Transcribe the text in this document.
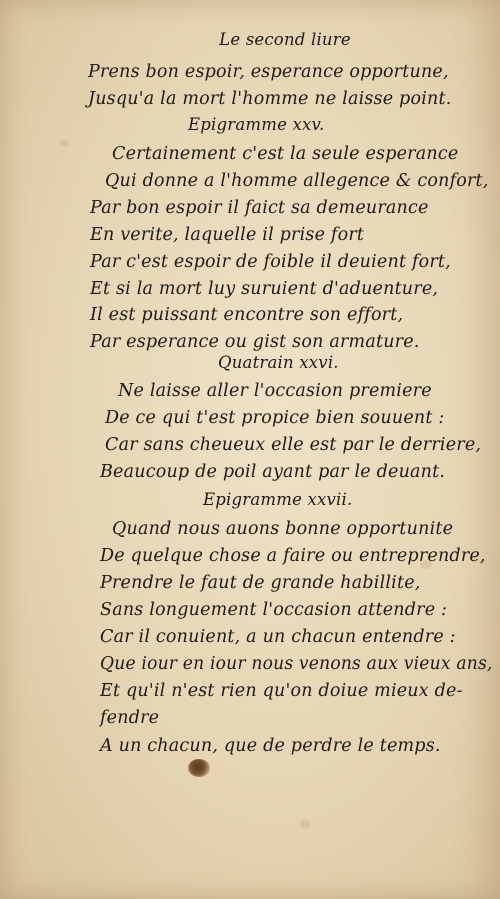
Le second liure
Prens bon espoir, esperance opportune,
Jusqu'a la mort l'homme ne laisse point.
Epigramme xxv.
Certainement c'est la seule esperance
Qui donne a l'homme allegence & confort,
Par bon espoir il faict sa demeurance
En verite, laquelle il prise fort
Par c'est espoir de foible il deuient fort,
Et si la mort luy suruient d'aduenture,
Il est puissant encontre son effort,
Par esperance ou gist son armature.
Quatrain xxvi.
Ne laisse aller l'occasion premiere
De ce qui t'est propice bien souuent :
Car sans cheueux elle est par le derriere,
Beaucoup de poil ayant par le deuant.
Epigramme xxvii.
Quand nous auons bonne opportunite
De quelque chose a faire ou entreprendre,
Prendre le faut de grande habillite,
Sans longuement l'occasion attendre :
Car il conuient, a un chacun entendre :
Que iour en iour nous venons aux vieux ans,
Et qu'il n'est rien qu'on doiue mieux de-
fendre
A un chacun, que de perdre le temps.
